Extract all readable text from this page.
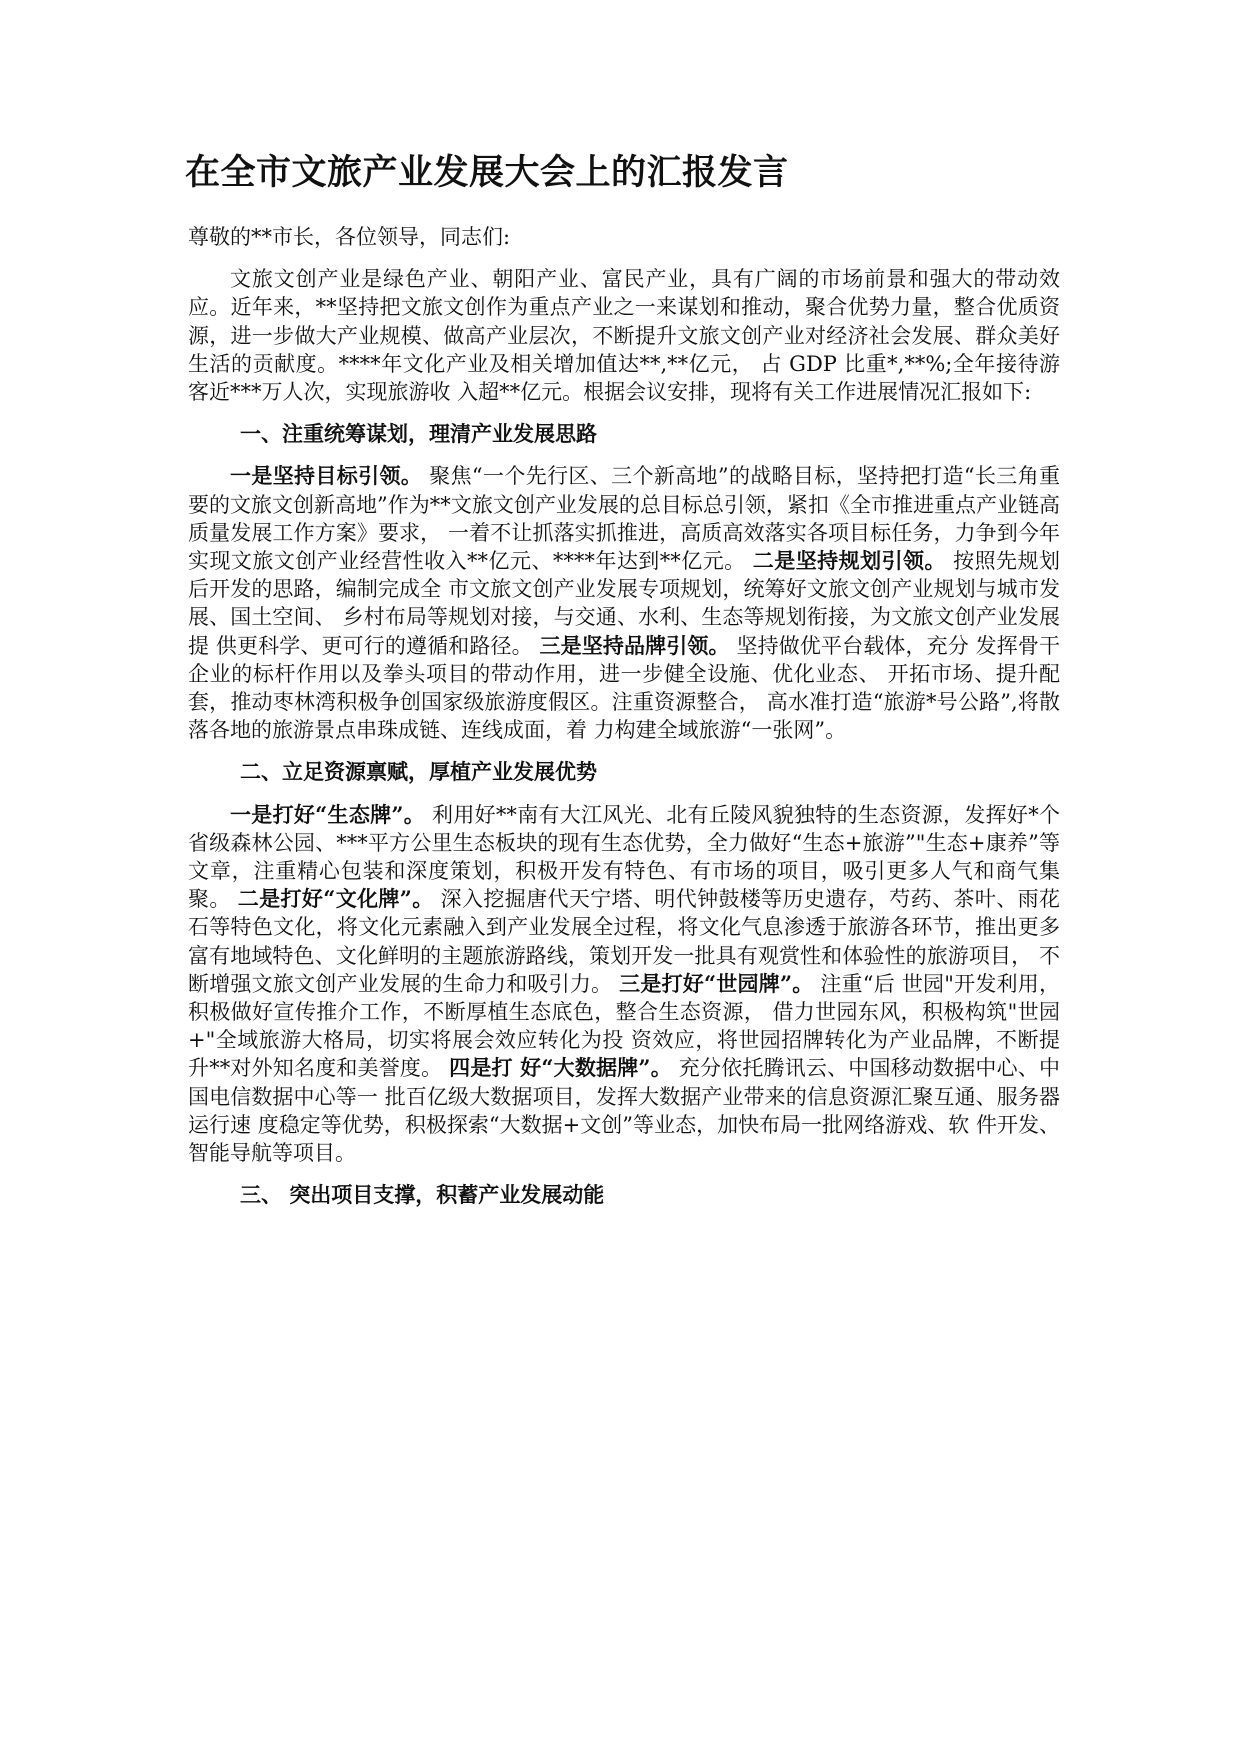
在全市文旅产业发展大会上的汇报发言

尊敬的**市长，各位领导，同志们:

文旅文创产业是绿色产业、朝阳产业、富民产业，具有广阔的市场前景和强大的带动效应。近年来，**坚持把文旅文创作为重点产业之一来谋划和推动，聚合优势力量，整合优质资源，进一步做大产业规模、做高产业层次，不断提升文旅文创产业对经济社会发展、群众美好生活的贡献度。****年文化产业及相关增加值达**,**亿元， 占 GDP 比重*,**%;全年接待游客近***万人次，实现旅游收 入超**亿元。根据会议安排，现将有关工作进展情况汇报如下:

一、注重统筹谋划，理清产业发展思路

一是坚持目标引领。 聚焦“一个先行区、三个新高地”的战略目标，坚持把打造“长三角重要的文旅文创新高地”作为**文旅文创产业发展的总目标总引领，紧扣《全市推进重点产业链高质量发展工作方案》要求， 一着不让抓落实抓推进，高质高效落实各项目标任务，力争到今年实现文旅文创产业经营性收入**亿元、****年达到**亿元。 二是坚持规划引领。 按照先规划后开发的思路，编制完成全 市文旅文创产业发展专项规划，统筹好文旅文创产业规划与城市发展、国土空间、 乡村布局等规划对接，与交通、水利、生态等规划衔接，为文旅文创产业发展提 供更科学、更可行的遵循和路径。 三是坚持品牌引领。 坚持做优平台载体，充分 发挥骨干企业的标杆作用以及拳头项目的带动作用，进一步健全设施、优化业态、 开拓市场、提升配套，推动枣林湾积极争创国家级旅游度假区。注重资源整合， 高水准打造“旅游*号公路”,将散落各地的旅游景点串珠成链、连线成面，着 力构建全域旅游“一张网”。

二、立足资源禀赋，厚植产业发展优势

一是打好“生态牌”。 利用好**南有大江风光、北有丘陵风貌独特的生态资源，发挥好*个省级森林公园、***平方公里生态板块的现有生态优势，全力做好“生态+旅游”"生态+康养”等文章，注重精心包装和深度策划，积极开发有特色、有市场的项目，吸引更多人气和商气集聚。 二是打好“文化牌”。 深入挖掘唐代天宁塔、明代钟鼓楼等历史遗存，芍药、茶叶、雨花石等特色文化，将文化元素融入到产业发展全过程，将文化气息渗透于旅游各环节，推出更多富有地域特色、文化鲜明的主题旅游路线，策划开发一批具有观赏性和体验性的旅游项目， 不断增强文旅文创产业发展的生命力和吸引力。 三是打好“世园牌”。 注重“后 世园"开发利用，积极做好宣传推介工作，不断厚植生态底色，整合生态资源， 借力世园东风，积极构筑"世园+"全域旅游大格局，切实将展会效应转化为投 资效应，将世园招牌转化为产业品牌，不断提升**对外知名度和美誉度。 四是打 好“大数据牌”。 充分依托腾讯云、中国移动数据中心、中国电信数据中心等一 批百亿级大数据项目，发挥大数据产业带来的信息资源汇聚互通、服务器运行速 度稳定等优势，积极探索“大数据+文创”等业态，加快布局一批网络游戏、软 件开发、智能导航等项目。

三、 突出项目支撑，积蓄产业发展动能
